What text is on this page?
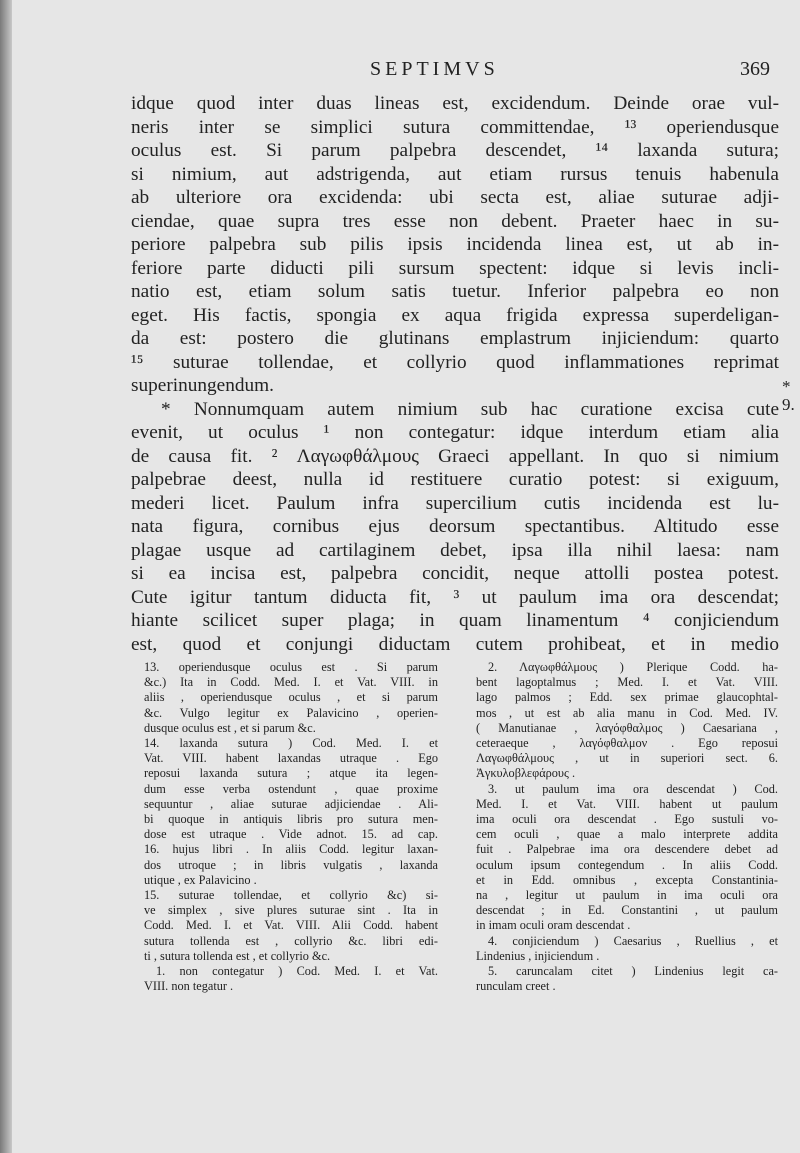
SEPTIMVS	369
idque quod inter duas lineas est, excidendum. Deinde orae vul-
neris inter se simplici sutura committendae, ¹³ operiendusque
oculus est. Si parum palpebra descendet, ¹⁴ laxanda sutura;
si nimium, aut adstrigenda, aut etiam rursus tenuis habenula
ab ulteriore ora excidenda: ubi secta est, aliae suturae adji-
ciendae, quae supra tres esse non debent. Praeter haec in su-
periore palpebra sub pilis ipsis incidenda linea est, ut ab in-
feriore parte diducti pili sursum spectent: idque si levis incli-
natio est, etiam solum satis tuetur. Inferior palpebra eo non
eget. His factis, spongia ex aqua frigida expressa superdeligan-
da est: postero die glutinans emplastrum injiciendum: quarto
¹⁵ suturae tollendae, et collyrio quod inflammationes reprimat
superinungendum.
* Nonnumquam autem nimium sub hac curatione excisa cute
evenit, ut oculus ¹ non contegatur: idque interdum etiam alia
de causa fit. ² Λαγωφθάλμους Graeci appellant. In quo si nimium
palpebrae deest, nulla id restituere curatio potest: si exiguum,
mederi licet. Paulum infra supercilium cutis incidenda est lu-
nata figura, cornibus ejus deorsum spectantibus. Altitudo esse
plagae usque ad cartilaginem debet, ipsa illa nihil laesa: nam
si ea incisa est, palpebra concidit, neque attolli postea potest.
Cute igitur tantum diducta fit, ³ ut paulum ima ora descendat;
hiante scilicet super plaga; in quam linamentum ⁴ conjiciendum
est, quod et conjungi diductam cutem prohibeat, et in medio
* 9.
13. operiendusque oculus est . Si parum
&c.) Ita in Codd. Med. I. et Vat. VIII. in
aliis , operiendusque oculus , et si parum
&c. Vulgo legitur ex Palavicino , operien-
dusque oculus est , et si parum &c.
14. laxanda sutura ) Cod. Med. I. et
Vat. VIII. habent laxandas utraque . Ego
reposui laxanda sutura ; atque ita legen-
dum esse verba ostendunt , quae proxime
sequuntur , aliae suturae adjiciendae . Ali-
bi quoque in antiquis libris pro sutura men-
dose est utraque . Vide adnot. 15. ad cap.
16. hujus libri . In aliis Codd. legitur laxan-
dos utroque ; in libris vulgatis , laxanda
utique , ex Palavicino .
15. suturae tollendae, et collyrio &c) si-
ve simplex , sive plures suturae sint . Ita in
Codd. Med. I. et Vat. VIII. Alii Codd. habent
sutura tollenda est , collyrio &c. libri edi-
ti , sutura tollenda est , et collyrio &c.
1. non contegatur ) Cod. Med. I. et Vat.
VIII. non tegatur .
2. Λαγωφθάλμους ) Plerique Codd. ha-
bent lagoptalmus ; Med. I. et Vat. VIII.
lago palmos ; Edd. sex primae glaucophtal-
mos , ut est ab alia manu in Cod. Med. IV.
( Manutianae , λαγόφθαλμος ) Caesariana ,
ceteraeque , λαγόφθαλμον . Ego reposui
Λαγωφθάλμους , ut in superiori sect. 6.
Ἀγκυλοβλεφάρους .
3. ut paulum ima ora descendat ) Cod.
Med. I. et Vat. VIII. habent ut paulum
ima oculi ora descendat . Ego sustuli vo-
cem oculi , quae a malo interprete addita
fuit . Palpebrae ima ora descendere debet ad
oculum ipsum contegendum . In aliis Codd.
et in Edd. omnibus , excepta Constantinia-
na , legitur ut paulum in ima oculi ora
descendat ; in Ed. Constantini , ut paulum
in imam oculi oram descendat .
4. conjiciendum ) Caesarius , Ruellius , et
Lindenius , injiciendum .
5. caruncalam citet ) Lindenius legit ca-
runculam creet .
